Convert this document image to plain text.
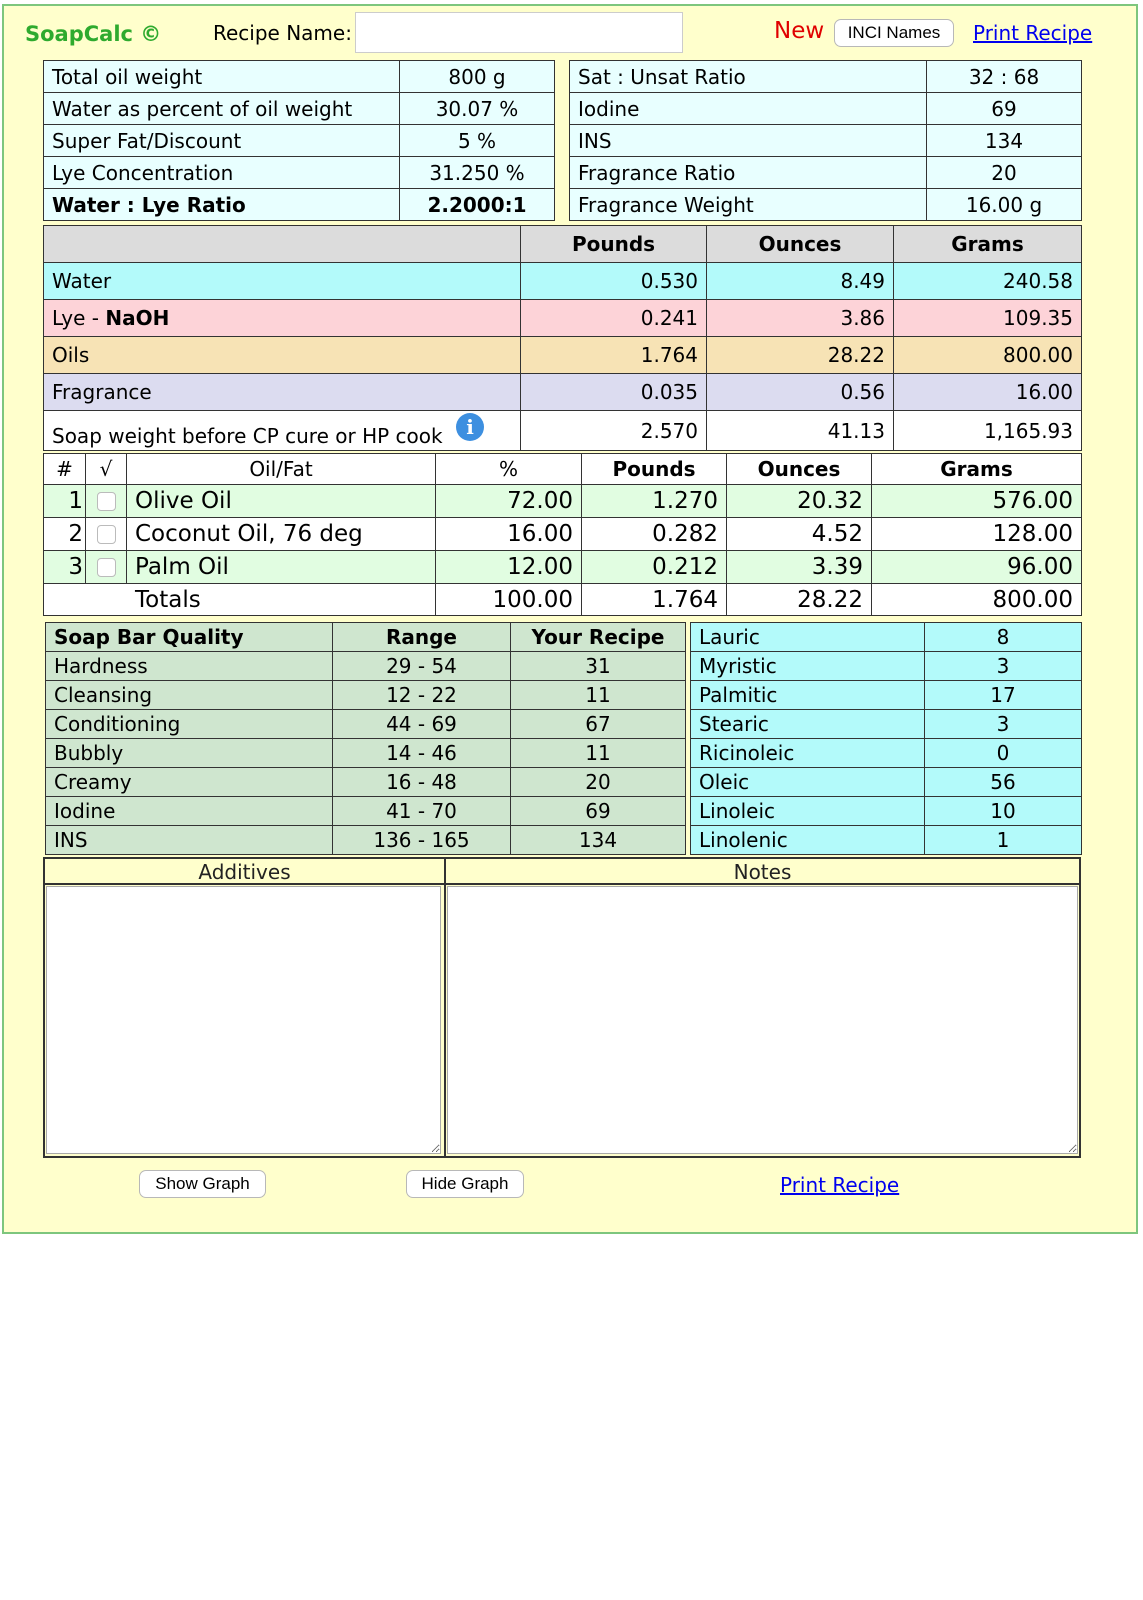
SoapCalc ©	Recipe Name:	New	INCI Names	Print Recipe
Total oil weight	800 g
Water as percent of oil weight	30.07 %
Super Fat/Discount	5 %
Lye Concentration	31.250 %
Water : Lye Ratio	2.2000:1
Sat : Unsat Ratio	32 : 68
Iodine	69
INS	134
Fragrance Ratio	20
Fragrance Weight	16.00 g
	Pounds	Ounces	Grams
Water	0.530	8.49	240.58
Lye - NaOH	0.241	3.86	109.35
Oils	1.764	28.22	800.00
Fragrance	0.035	0.56	16.00
Soap weight before CP cure or HP cook i	2.570	41.13	1,165.93
#	√	Oil/Fat	%	Pounds	Ounces	Grams
1		Olive Oil	72.00	1.270	20.32	576.00
2		Coconut Oil, 76 deg	16.00	0.282	4.52	128.00
3		Palm Oil	12.00	0.212	3.39	96.00
Totals			100.00	1.764	28.22	800.00
Soap Bar Quality	Range	Your Recipe
Hardness	29 - 54	31
Cleansing	12 - 22	11
Conditioning	44 - 69	67
Bubbly	14 - 46	11
Creamy	16 - 48	20
Iodine	41 - 70	69
INS	136 - 165	134
Lauric	8
Myristic	3
Palmitic	17
Stearic	3
Ricinoleic	0
Oleic	56
Linoleic	10
Linolenic	1
Additives	Notes
Show Graph	Hide Graph	Print Recipe
